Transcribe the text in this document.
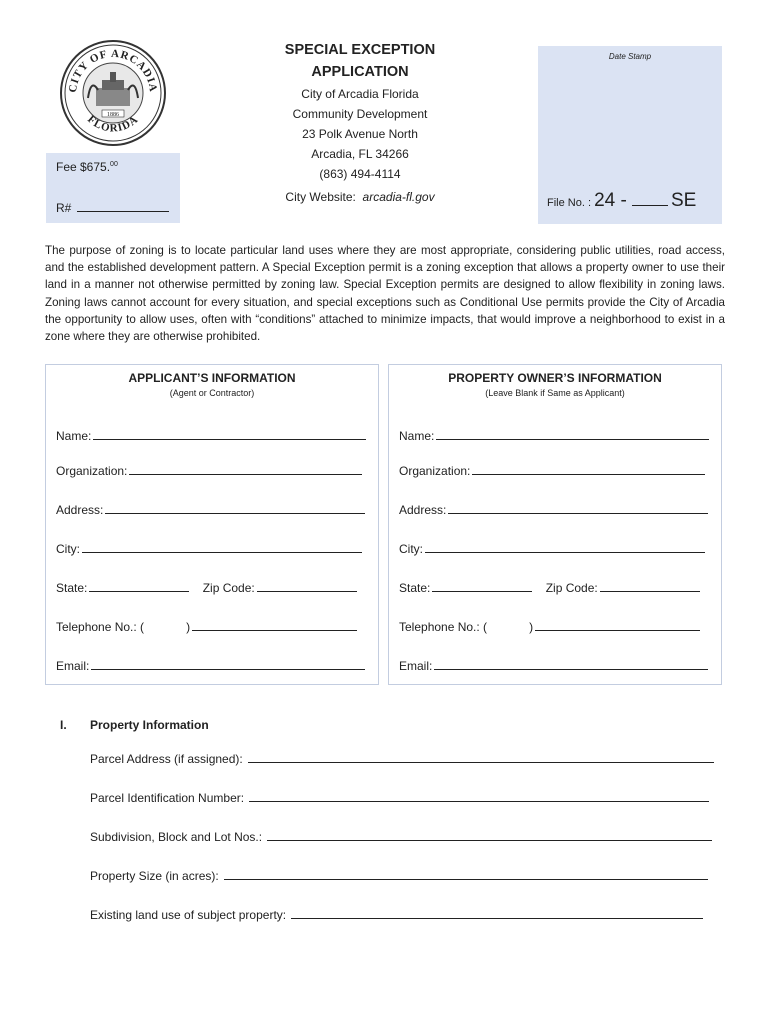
1886
CITY OF ARCADIA
FLORIDA
Fee $675.00
R#
SPECIAL EXCEPTION
APPLICATION
City of Arcadia Florida
Community Development
23 Polk Avenue North
Arcadia, FL 34266
(863) 494-4114
City Website: arcadia-fl.gov
Date Stamp
File No. : 24 - SE
The purpose of zoning is to locate particular land uses where they are most appropriate, considering public utilities, road access, and the established development pattern. A Special Exception permit is a zoning exception that allows a property owner to use their land in a manner not otherwise permitted by zoning law. Special Exception permits are designed to allow flexibility in zoning laws. Zoning laws cannot account for every situation, and special exceptions such as Conditional Use permits provide the City of Arcadia the opportunity to allow uses, often with “conditions” attached to minimize impacts, that would improve a neighborhood to exist in a zone where they are otherwise prohibited.
APPLICANT’S INFORMATION
(Agent or Contractor)
Name:
Organization:
Address:
City:
State:	Zip Code:
Telephone No.: (	)
Email:
PROPERTY OWNER’S INFORMATION
(Leave Blank if Same as Applicant)
Name:
Organization:
Address:
City:
State:	Zip Code:
Telephone No.: (	)
Email:
I. Property Information
Parcel Address (if assigned):
Parcel Identification Number:
Subdivision, Block and Lot Nos.:
Property Size (in acres):
Existing land use of subject property:
